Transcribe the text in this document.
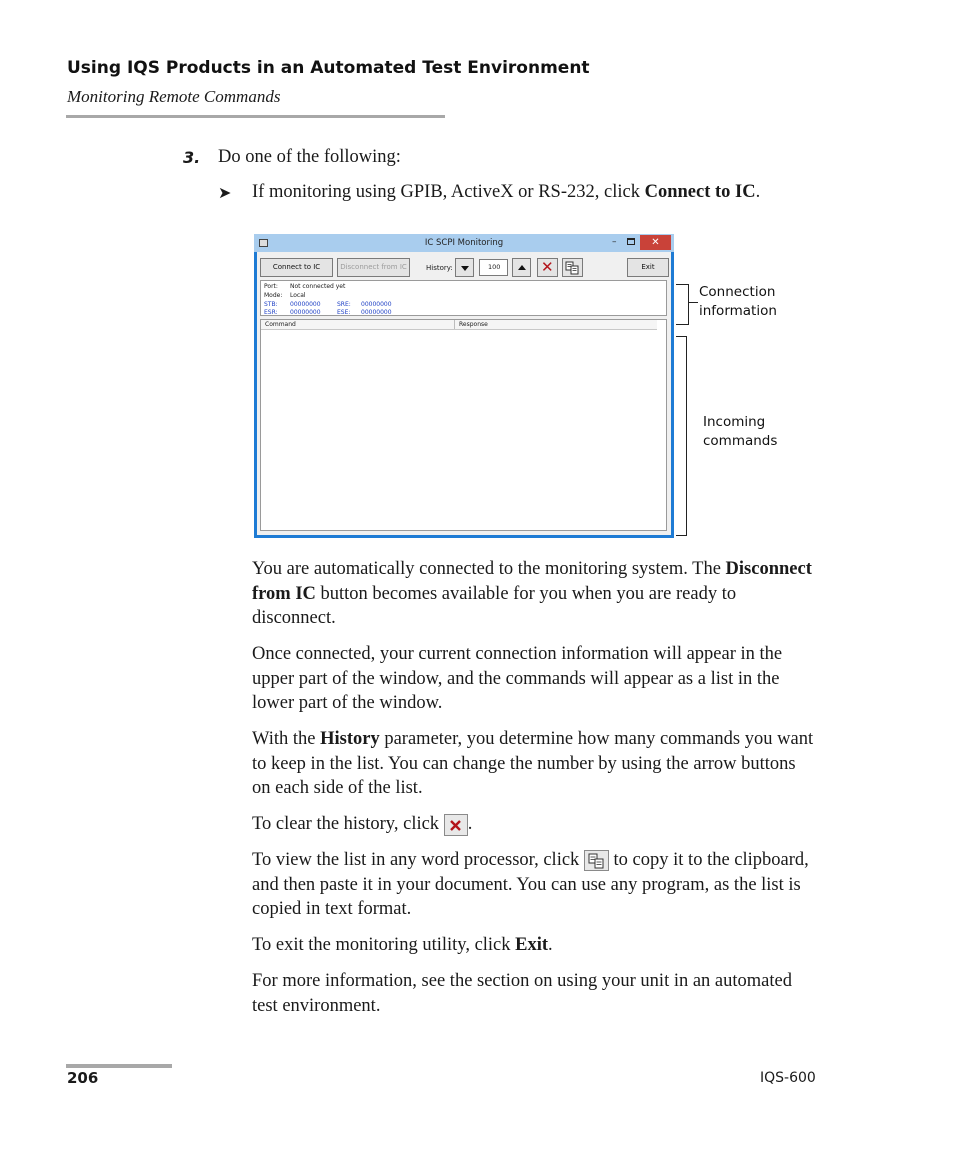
Using IQS Products in an Automated Test Environment
Monitoring Remote Commands
3. Do one of the following:
➤ If monitoring using GPIB, ActiveX or RS-232, click Connect to IC.
IC SCPI Monitoring	–	✕
Connect to IC	Disconnect from IC	History:	100	✕	Exit
Port: Not connected yet
Mode: Local
STB: 00000000	SRE: 00000000
ESR: 00000000	ESE: 00000000
Command	Response
Connection
information
Incoming
commands
You are automatically connected to the monitoring system. The Disconnect from IC button becomes available for you when you are ready to disconnect.
Once connected, your current connection information will appear in the upper part of the window, and the commands will appear as a list in the lower part of the window.
With the History parameter, you determine how many commands you want to keep in the list. You can change the number by using the arrow buttons on each side of the list.
To clear the history, click
.
To view the list in any word processor, click
to copy it to the clipboard, and then paste it in your document. You can use any program, as the list is copied in text format.
To exit the monitoring utility, click Exit.
For more information, see the section on using your unit in an automated test environment.
206	IQS-600
